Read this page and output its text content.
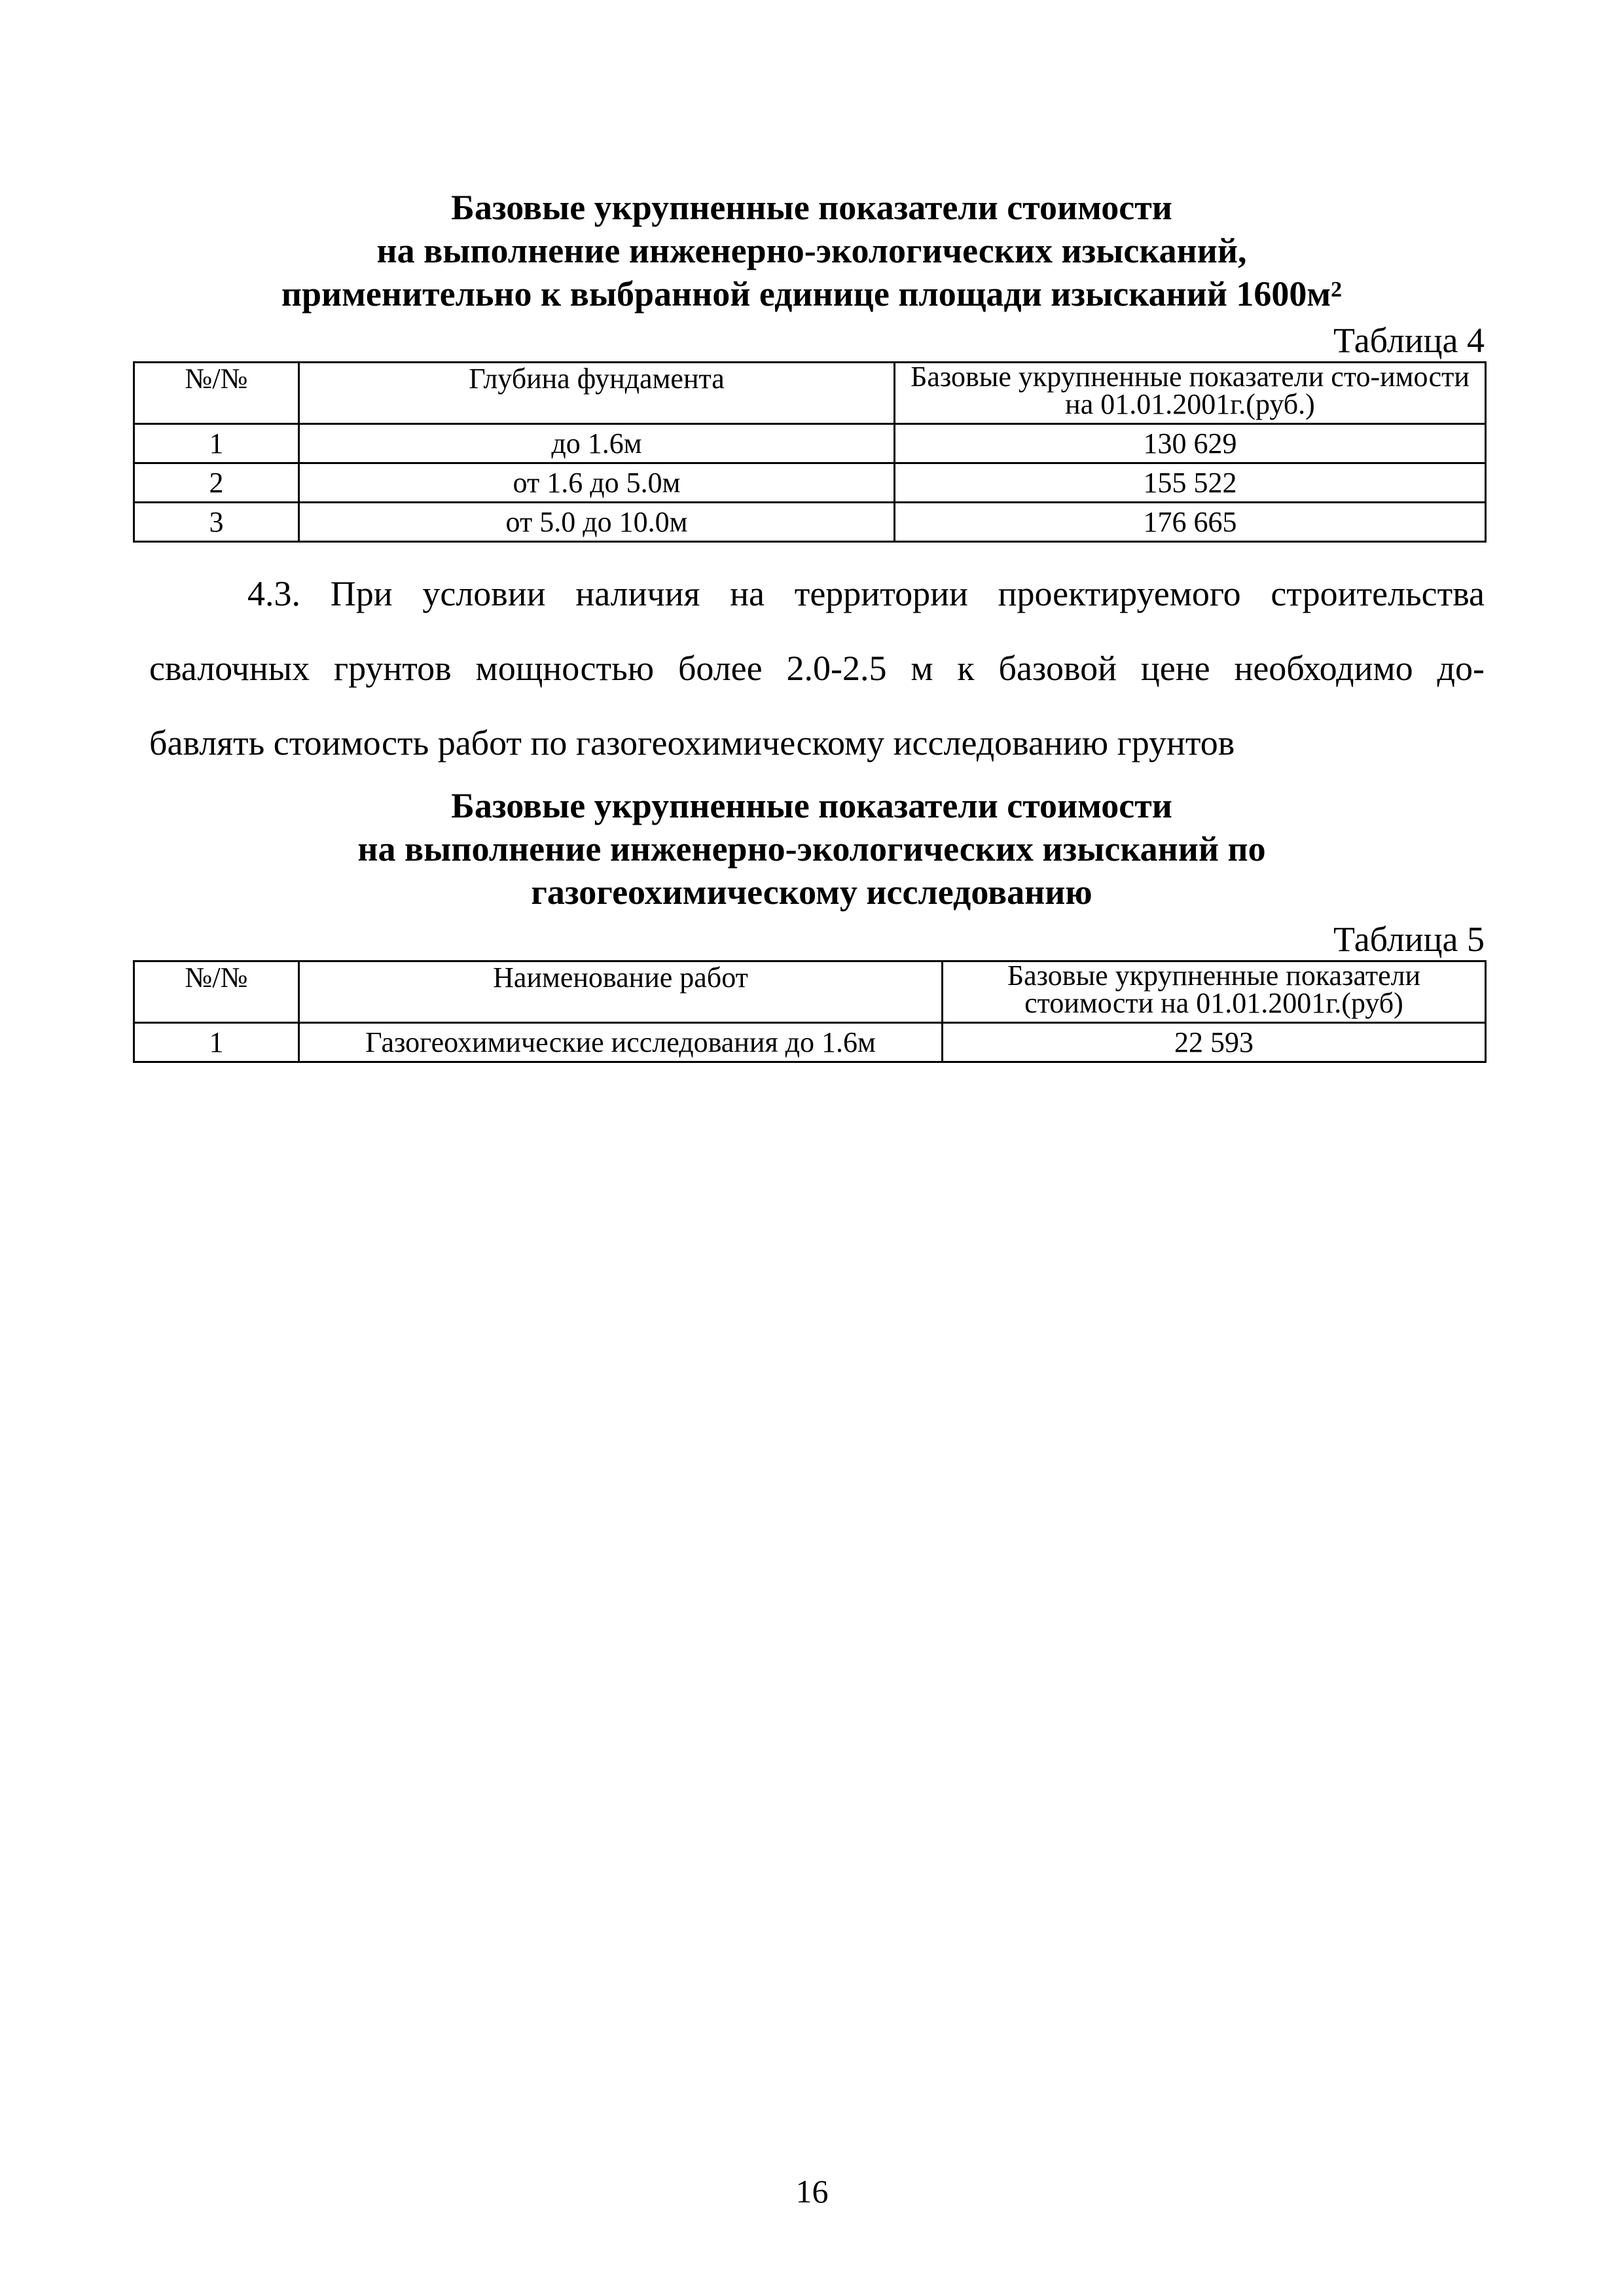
Базовые укрупненные показатели стоимости
на выполнение инженерно-экологических изысканий,
применительно к выбранной единице площади изысканий $1600м^2$
Таблица 4
№/№	Глубина фундамента	Базовые укрупненные показатели сто-имости на 01.01.2001г.(руб.)
1	до 1.6м	130 629
2	от 1.6 до 5.0м	155 522
3	от 5.0 до 10.0м	176 665
4.3. При условии наличия на территории проектируемого строительства
свалочных грунтов мощностью более 2.0-2.5 м к базовой цене необходимо до-
бавлять стоимость работ по газогеохимическому исследованию грунтов
Базовые укрупненные показатели стоимости
на выполнение инженерно-экологических изысканий по
газогеохимическому исследованию
Таблица 5
№/№	Наименование работ	Базовые укрупненные показатели стоимости на 01.01.2001г.(руб)
1	Газогеохимические исследования до 1.6м	22 593
16
